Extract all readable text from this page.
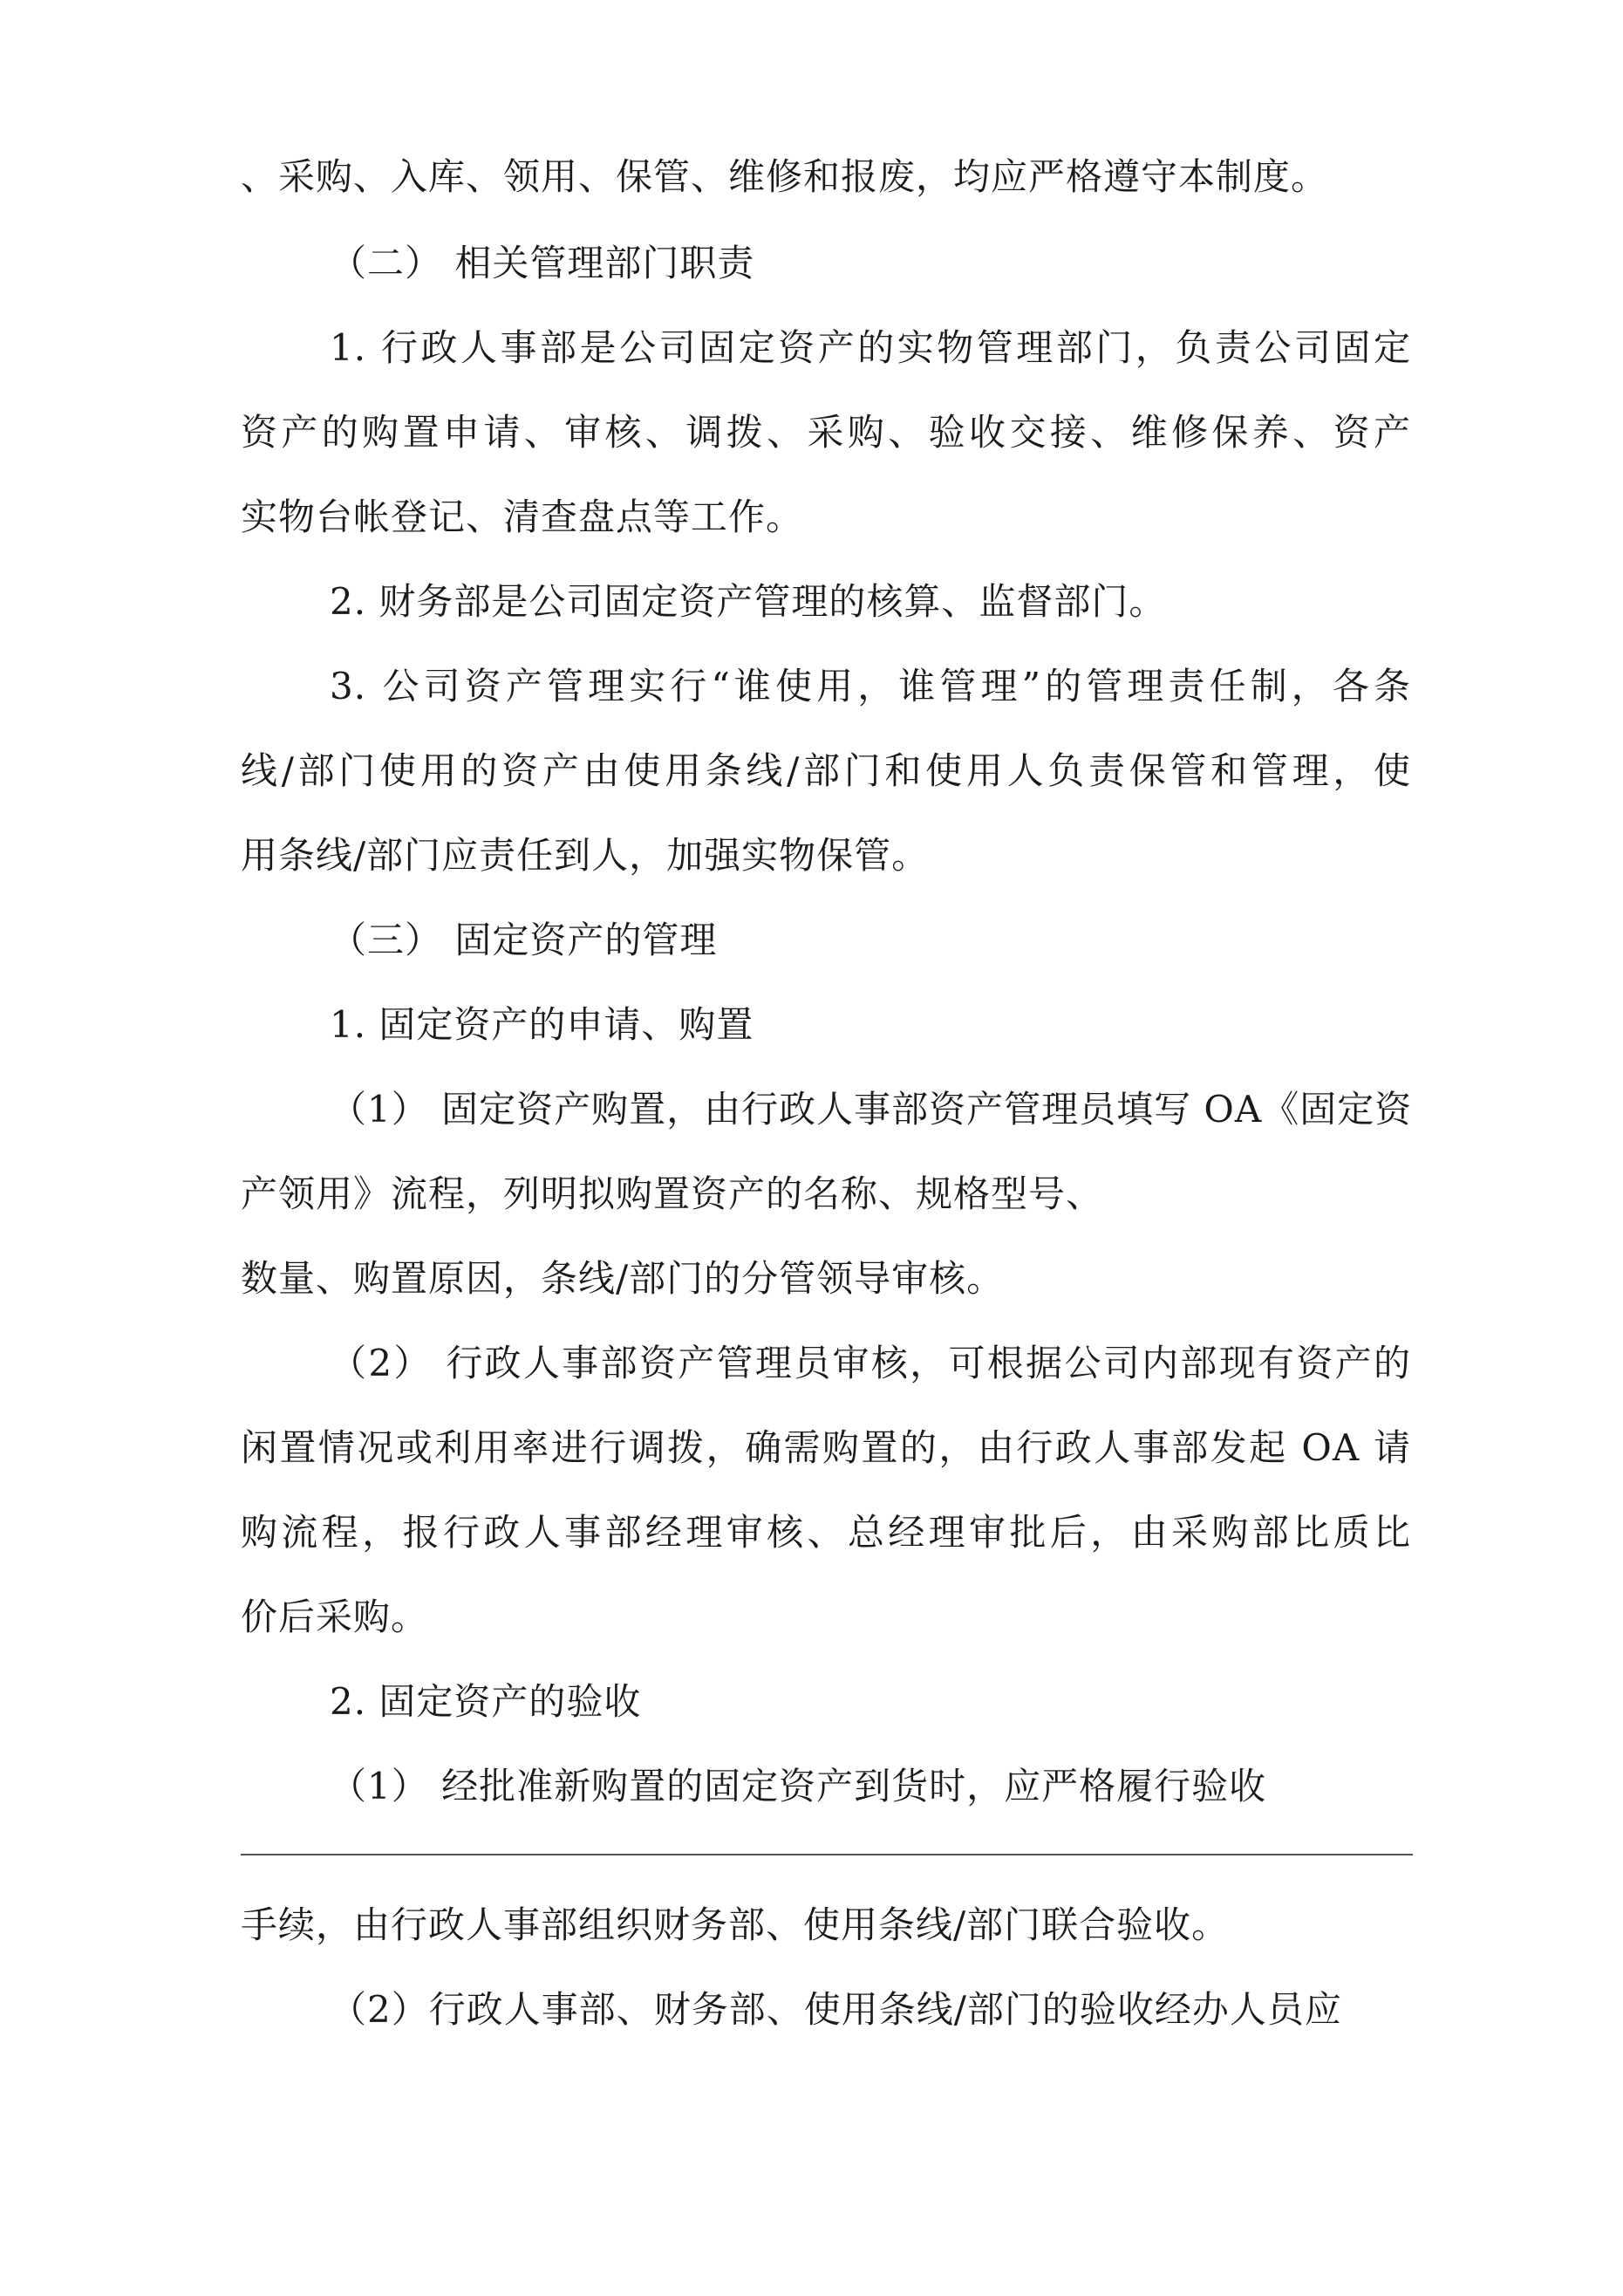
、采购、入库、领用、保管、维修和报废，均应严格遵守本制度。

（二） 相关管理部门职责

1. 行政人事部是公司固定资产的实物管理部门，负责公司固定

资产的购置申请、审核、调拨、采购、验收交接、维修保养、资产

实物台帐登记、清查盘点等工作。

2. 财务部是公司固定资产管理的核算、监督部门。

3. 公司资产管理实行“谁使用，谁管理”的管理责任制，各条

线/部门使用的资产由使用条线/部门和使用人负责保管和管理，使

用条线/部门应责任到人，加强实物保管。

（三） 固定资产的管理

1. 固定资产的申请、购置

（1） 固定资产购置，由行政人事部资产管理员填写 OA《固定资

产领用》流程，列明拟购置资产的名称、规格型号、

数量、购置原因，条线/部门的分管领导审核。

（2） 行政人事部资产管理员审核，可根据公司内部现有资产的

闲置情况或利用率进行调拨，确需购置的，由行政人事部发起 OA 请

购流程，报行政人事部经理审核、总经理审批后，由采购部比质比

价后采购。

2. 固定资产的验收

（1） 经批准新购置的固定资产到货时，应严格履行验收

手续，由行政人事部组织财务部、使用条线/部门联合验收。

（2）行政人事部、财务部、使用条线/部门的验收经办人员应
